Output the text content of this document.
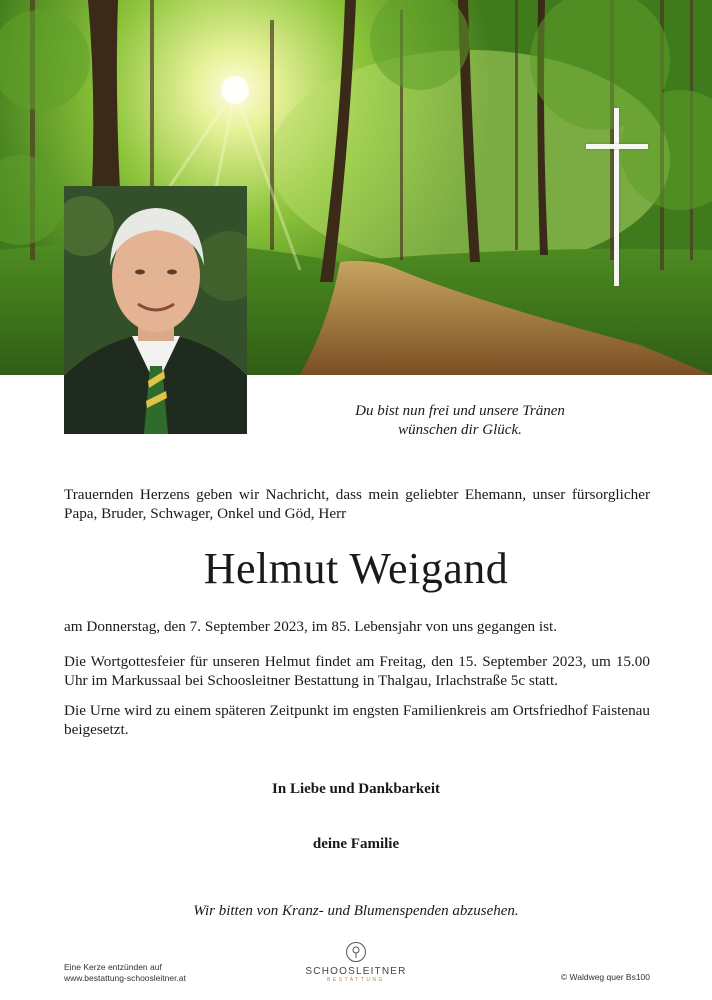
Du bist nun frei und unsere Tränen
wünschen dir Glück.
Trauernden Herzens geben wir Nachricht, dass mein geliebter Ehemann, unser fürsorglicher Papa, Bruder, Schwager, Onkel und Göd, Herr
Helmut Weigand
am Donnerstag, den 7. September 2023, im 85. Lebensjahr von uns gegangen ist.
Die Wortgottesfeier für unseren Helmut findet am Freitag, den 15. September 2023, um 15.00 Uhr im Markussaal bei Schoosleitner Bestattung in Thalgau, Irlachstraße 5c statt.
Die Urne wird zu einem späteren Zeitpunkt im engsten Familienkreis am Ortsfriedhof Faistenau beigesetzt.
In Liebe und Dankbarkeit
deine Familie
Wir bitten von Kranz- und Blumenspenden abzusehen.
Eine Kerze entzünden auf
www.bestattung-schoosleitner.at
SCHOOSLEITNER
BESTATTUNG	© Waldweg quer Bs100
